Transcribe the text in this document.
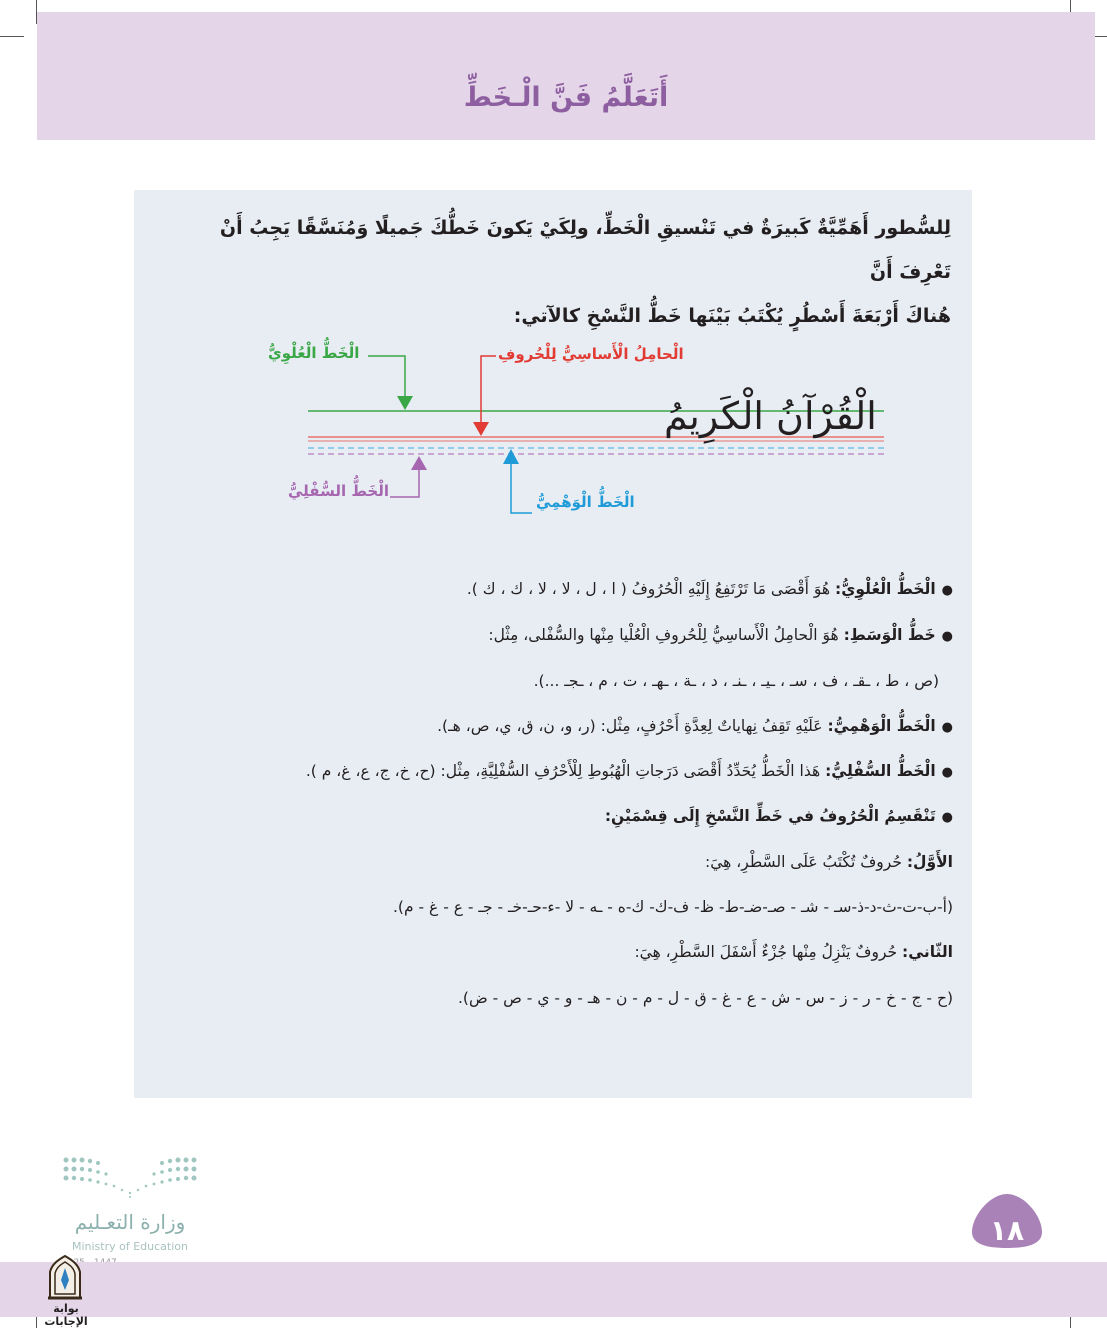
أَتَعَلَّمُ فَنَّ الْـخَطِّ
لِلسُّطور أَهَمِّيَّةٌ كَبيرَةٌ في تَنْسيقِ الْخَطِّ، ولِكَيْ يَكونَ خَطُّكَ جَميلًا وَمُنَسَّقًا يَجِبُ أَنْ تَعْرِفَ أَنَّ
هُناكَ أَرْبَعَةَ أَسْطُرٍ يُكْتَبُ بَيْنَها خَطُّ النَّسْخِ كالآتي:
الْخَطُّ الْعُلْوِيُّ	الْحامِلُ الْأَساسِيُّ لِلْحُروفِ
الْخَطُّ السُّفْلِيُّ
الْخَطُّ الْوَهْمِيُّ
الْقُرْآنُ الْكَرِيمُ
●الْخَطُّ الْعُلْوِيُّ: هُوَ أَقْصَى مَا تَرْتَفِعُ إِلَيْهِ الْحُرُوفُ ( ا ، ل ، لا ، لا ، ك ، ك ).
●خَطُّ الْوَسَطِ: هُوَ الْحامِلُ الْأَساسِيُّ لِلْحُروفِ الْعُلْيا مِنْها والسُّفْلى، مِثْل:
(ص ، ط ، ـقـ ، ف ، سـ ، ـيـ ، ـنـ ، د ، ـة ، ـهـ ، ت ، م ، ـجـ ...).
●الْخَطُّ الْوَهْمِيُّ: عَلَيْهِ تَقِفُ نِهاياتٌ لِعِدَّةِ أَحْرُفٍ، مِثْل: (ر، و، ن، ق، ي، ص، هـ).
●الْخَطُّ السُّفْلِيُّ: هَذا الْخَطُّ يُحَدِّدُ أَقْصَى دَرَجاتِ الْهُبُوطِ لِلْأَحْرُفِ السُّفْلِيَّةِ، مِثْل: (ح، خ، ج، ع، غ، م ).
●تَنْقَسِمُ الْحُرُوفُ في خَطِّ النَّسْخِ إِلَى قِسْمَيْنِ:
الأَوَّلُ: حُروفٌ تُكْتَبُ عَلَى السَّطْرِ، هِيَ:
(أ-ب-ت-ث-د-ذ-سـ - شـ - صـ-ضـ-ط- ظ- ف-ك- ك-ه - ـه - لا -ء-حـ-خـ - جـ - ع - غ - م).
الثّاني: حُروفٌ يَنْزِلُ مِنْها جُزْءٌ أَسْفَلَ السَّطْرِ، هِيَ:
(ح - ج - خ - ر - ز - س - ش - ع - غ - ق - ل - م - ن - هـ - و - ي - ص - ض).
وزارة التعـليم
Ministry of Education	١٨
بوابة الإجابات
